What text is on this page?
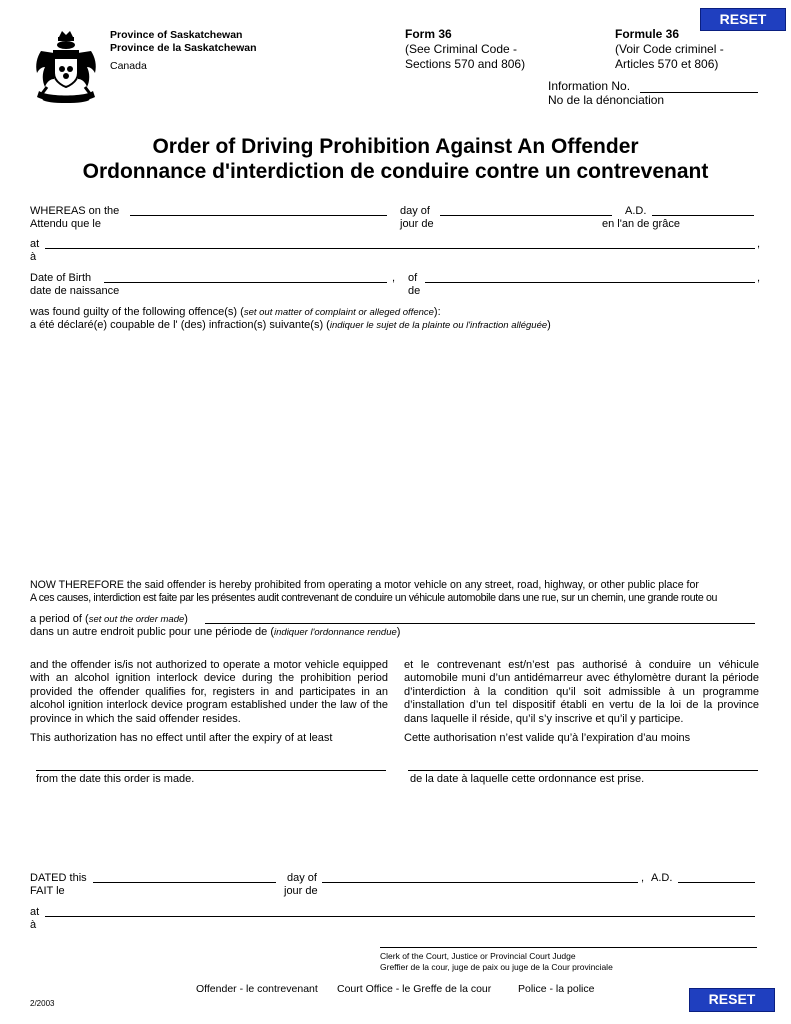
RESET
Province of Saskatchewan
Province de la Saskatchewan
Canada
Form 36
(See Criminal Code -
Sections 570 and 806)
Formule 36
(Voir Code criminel -
Articles 570 et 806)
Information No.
No de la dénonciation
Order of Driving Prohibition Against An Offender
Ordonnance d'interdiction de conduire contre un contrevenant
WHEREAS on the
Attendu que le
day of
jour de
A.D.
en l'an de grâce
at
à
,
Date of Birth
date de naissance
, of
de
,
was found guilty of the following offence(s) (set out matter of complaint or alleged offence):
a été déclaré(e) coupable de l' (des) infraction(s) suivante(s) (indiquer le sujet de la plainte ou l'infraction alléguée)
NOW THEREFORE the said offender is hereby prohibited from operating a motor vehicle on any street, road, highway, or other public place for
A ces causes, interdiction est faite par les présentes audit contrevenant de conduire un véhicule automobile dans une rue, sur un chemin, une grande route ou
a period of (set out the order made)
dans un autre endroit public pour une période de (indiquer l'ordonnance rendue)
and the offender is/is not authorized to operate a motor vehicle equipped with an alcohol ignition interlock device during the prohibition period provided the offender qualifies for, registers in and participates in an alcohol ignition interlock device program established under the law of the province in which the said offender resides.
et le contrevenant est/n’est pas authorisé à conduire un véhicule automobile muni d’un antidémarreur avec éthylomètre durant la période d’interdiction à la condition qu’il soit admissible à un programme d’installation d’un tel dispositif établi en vertu de la loi de la province dans laquelle il réside, qu’il s’y inscrive et qu’il y participe.
This authorization has no effect until after the expiry of at least	Cette authorisation n’est valide qu’à l’expiration d’au moins
from the date this order is made.	de la date à laquelle cette ordonnance est prise.
DATED this
FAIT le
day of
jour de
, A.D.
at
à
Clerk of the Court, Justice or Provincial Court Judge
Greffier de la cour, juge de paix ou juge de la Cour provinciale
2/2003
Offender - le contrevenant Court Office - le Greffe de la cour	Police - la police
RESET
